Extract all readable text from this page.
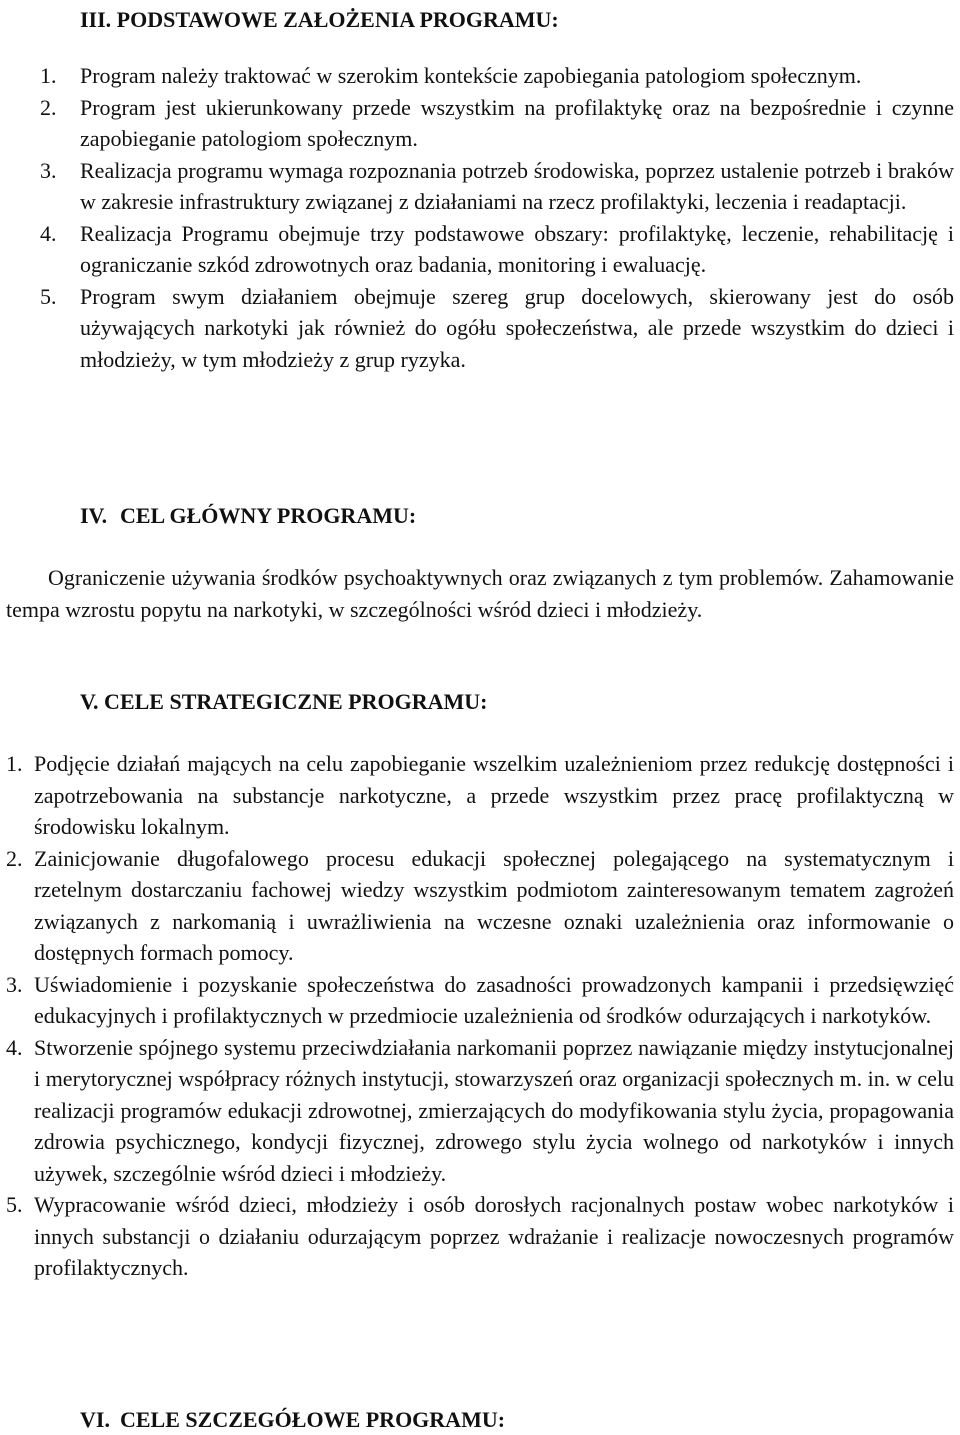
III. PODSTAWOWE ZAŁOŻENIA PROGRAMU:
1. Program należy traktować w szerokim kontekście zapobiegania patologiom społecznym.
2. Program jest ukierunkowany przede wszystkim na profilaktykę oraz na bezpośrednie i czynne zapobieganie patologiom społecznym.
3. Realizacja programu wymaga rozpoznania potrzeb środowiska, poprzez ustalenie potrzeb i braków w zakresie infrastruktury związanej z działaniami na rzecz profilaktyki, leczenia i readaptacji.
4. Realizacja Programu obejmuje trzy podstawowe obszary: profilaktykę, leczenie, rehabilitację i ograniczanie szkód zdrowotnych oraz badania, monitoring i ewaluację.
5. Program swym działaniem obejmuje szereg grup docelowych, skierowany jest do osób używających narkotyki jak również do ogółu społeczeństwa, ale przede wszystkim do dzieci i młodzieży, w tym młodzieży z grup ryzyka.
IV. CEL GŁÓWNY PROGRAMU:

Ograniczenie używania środków psychoaktywnych oraz związanych z tym problemów. Zahamowanie tempa wzrostu popytu na narkotyki, w szczególności wśród dzieci i młodzieży.

V. CELE STRATEGICZNE PROGRAMU:
1. Podjęcie działań mających na celu zapobieganie wszelkim uzależnieniom przez redukcję dostępności i zapotrzebowania na substancje narkotyczne, a przede wszystkim przez pracę profilaktyczną w środowisku lokalnym.
2. Zainicjowanie długofalowego procesu edukacji społecznej polegającego na systematycznym i rzetelnym dostarczaniu fachowej wiedzy wszystkim podmiotom zainteresowanym tematem zagrożeń związanych z narkomanią i uwrażliwienia na wczesne oznaki uzależnienia oraz informowanie o dostępnych formach pomocy.
3. Uświadomienie i pozyskanie społeczeństwa do zasadności prowadzonych kampanii i przedsięwzięć edukacyjnych i profilaktycznych w przedmiocie uzależnienia od środków odurzających i narkotyków.
4. Stworzenie spójnego systemu przeciwdziałania narkomanii poprzez nawiązanie między instytucjonalnej i merytorycznej współpracy różnych instytucji, stowarzyszeń oraz organizacji społecznych m. in. w celu realizacji programów edukacji zdrowotnej, zmierzających do modyfikowania stylu życia, propagowania zdrowia psychicznego, kondycji fizycznej, zdrowego stylu życia wolnego od narkotyków i innych używek, szczególnie wśród dzieci i młodzieży.
5. Wypracowanie wśród dzieci, młodzieży i osób dorosłych racjonalnych postaw wobec narkotyków i innych substancji o działaniu odurzającym poprzez wdrażanie i realizacje nowoczesnych programów profilaktycznych.
VI. CELE SZCZEGÓŁOWE PROGRAMU:
